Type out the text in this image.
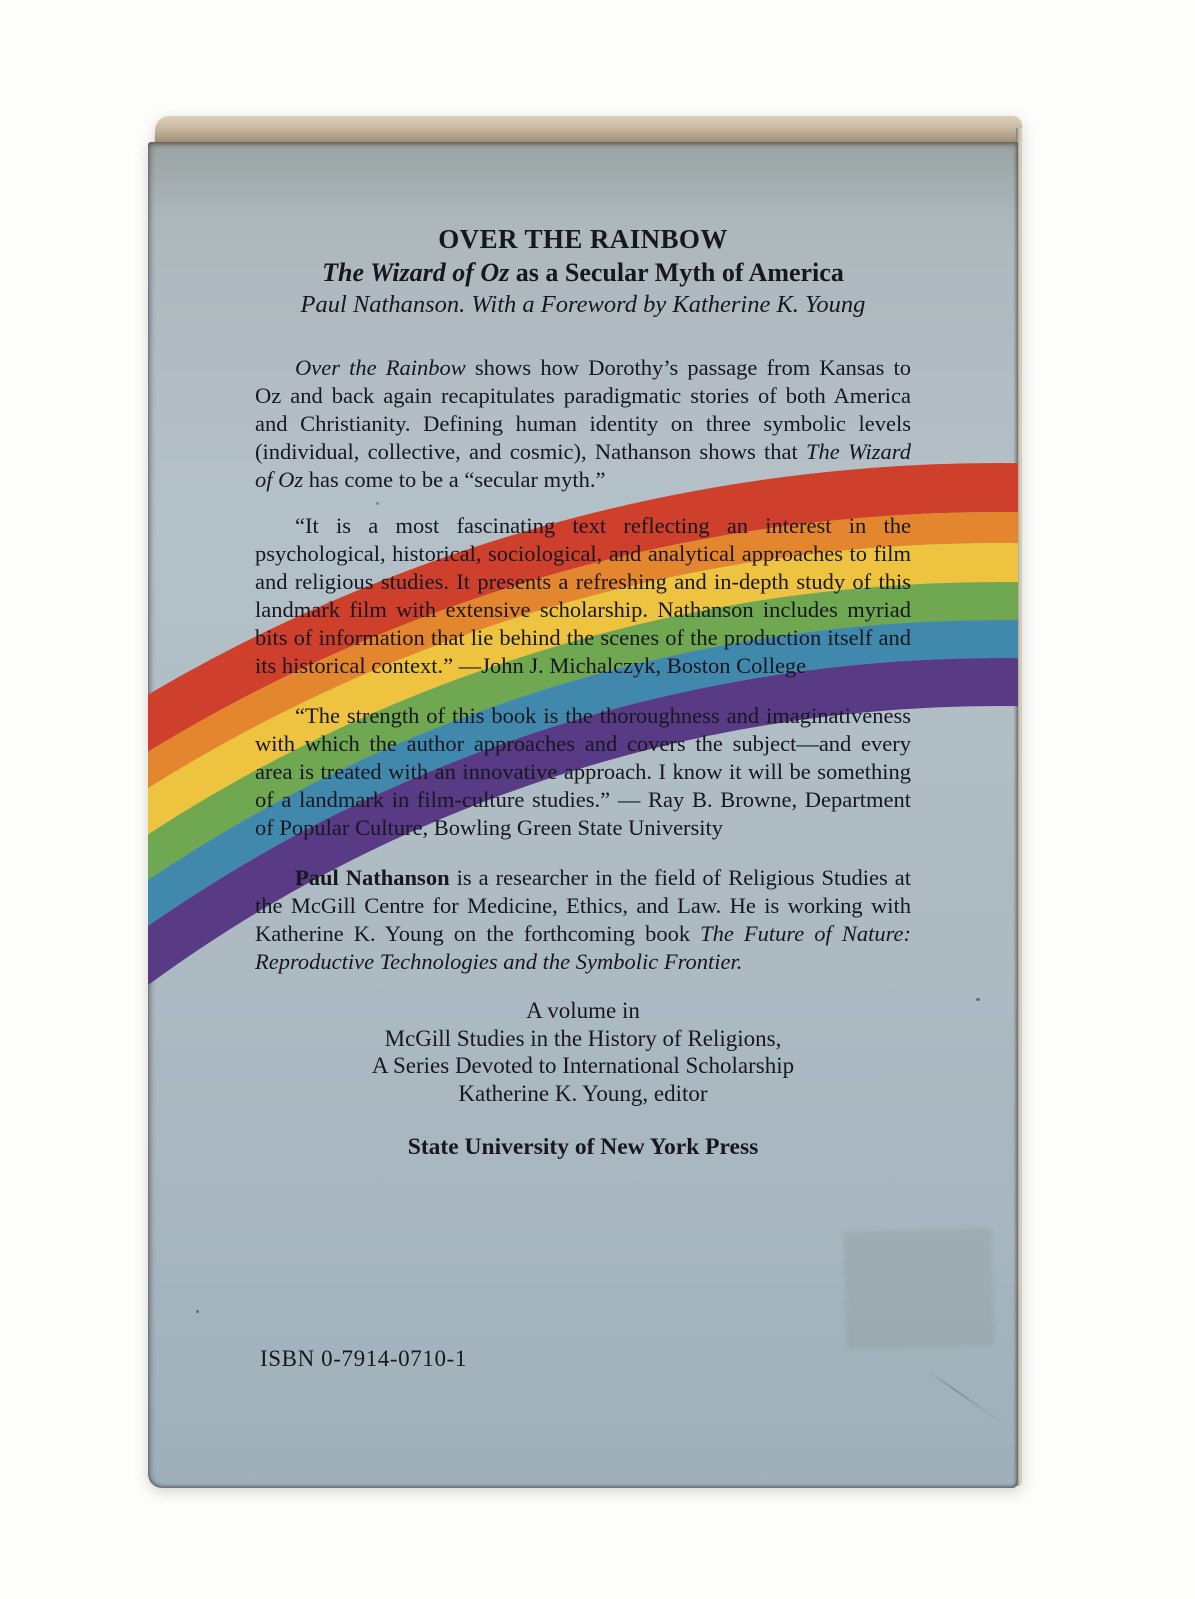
OVER THE RAINBOW
The Wizard of Oz as a Secular Myth of America
Paul Nathanson. With a Foreword by Katherine K. Young

Over the Rainbow shows how Dorothy’s passage from Kansas to Oz and back again recapitulates paradigmatic stories of both America and Christianity. Defining human identity on three symbolic levels (individual, collective, and cosmic), Nathanson shows that The Wizard of Oz has come to be a “secular myth.”

“It is a most fascinating text reflecting an interest in the psychological, historical, sociological, and analytical approaches to film and religious studies. It presents a refreshing and in-depth study of this landmark film with extensive scholarship. Nathanson includes myriad bits of information that lie behind the scenes of the production itself and its historical context.” —John J. Michalczyk, Boston College

“The strength of this book is the thoroughness and imaginativeness with which the author approaches and covers the subject—and every area is treated with an innovative approach. I know it will be something of a landmark in film-culture studies.” — Ray B. Browne, Department of Popular Culture, Bowling Green State University

Paul Nathanson is a researcher in the field of Religious Studies at the McGill Centre for Medicine, Ethics, and Law. He is working with Katherine K. Young on the forthcoming book The Future of Nature: Reproductive Technologies and the Symbolic Frontier.

A volume in
McGill Studies in the History of Religions,
A Series Devoted to International Scholarship
Katherine K. Young, editor
State University of New York Press
ISBN 0-7914-0710-1
